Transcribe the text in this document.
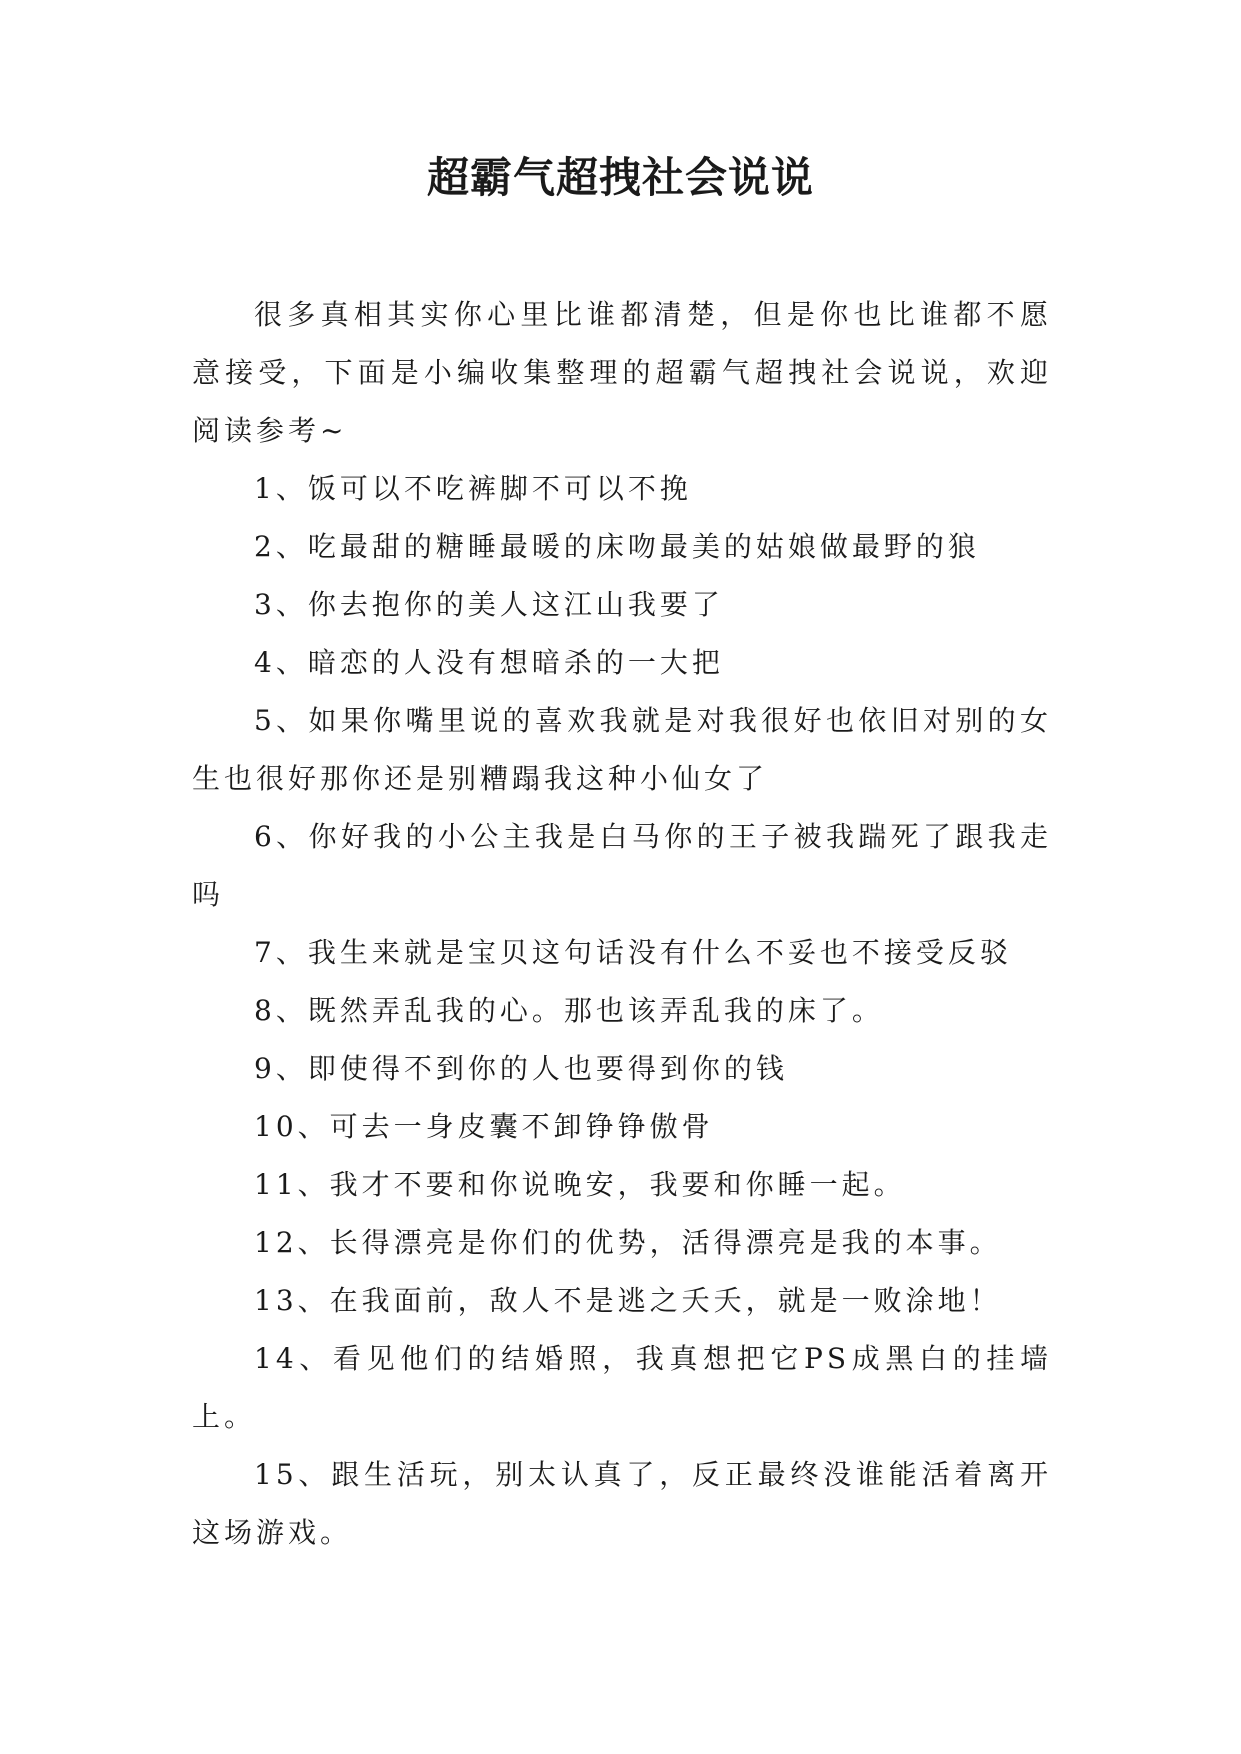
超霸气超拽社会说说

很多真相其实你心里比谁都清楚，但是你也比谁都不愿意接受，下面是小编收集整理的超霸气超拽社会说说，欢迎阅读参考~

1、饭可以不吃裤脚不可以不挽

2、吃最甜的糖睡最暖的床吻最美的姑娘做最野的狼

3、你去抱你的美人这江山我要了

4、暗恋的人没有想暗杀的一大把

5、如果你嘴里说的喜欢我就是对我很好也依旧对别的女生也很好那你还是别糟蹋我这种小仙女了

6、你好我的小公主我是白马你的王子被我踹死了跟我走吗

7、我生来就是宝贝这句话没有什么不妥也不接受反驳

8、既然弄乱我的心。那也该弄乱我的床了。

9、即使得不到你的人也要得到你的钱

10、可去一身皮囊不卸铮铮傲骨

11、我才不要和你说晚安，我要和你睡一起。

12、长得漂亮是你们的优势，活得漂亮是我的本事。

13、在我面前，敌人不是逃之夭夭，就是一败涂地！

14、看见他们的结婚照，我真想把它PS成黑白的挂墙上。

15、跟生活玩，别太认真了，反正最终没谁能活着离开这场游戏。
